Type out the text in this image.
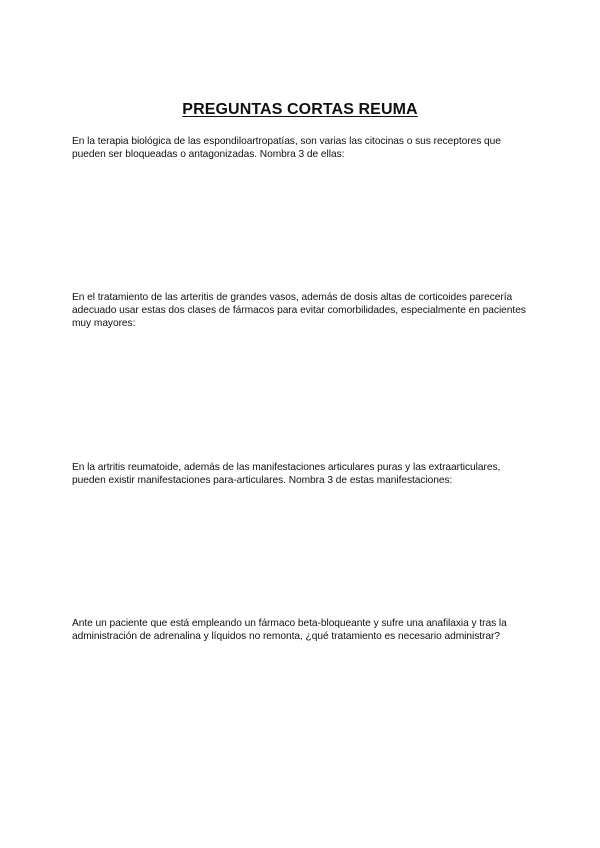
PREGUNTAS CORTAS REUMA

En la terapia biológica de las espondiloartropatías, son varias las citocinas o sus receptores que pueden ser bloqueadas o antagonizadas. Nombra 3 de ellas:

En el tratamiento de las arteritis de grandes vasos, además de dosis altas de corticoides parecería adecuado usar estas dos clases de fármacos para evitar comorbilidades, especialmente en pacientes muy mayores:

En la artritis reumatoide, además de las manifestaciones articulares puras y las extraarticulares, pueden existir manifestaciones para-articulares. Nombra 3 de estas manifestaciones:

Ante un paciente que está empleando un fármaco beta-bloqueante y sufre una anafilaxia y tras la administración de adrenalina y líquidos no remonta, ¿qué tratamiento es necesario administrar?
